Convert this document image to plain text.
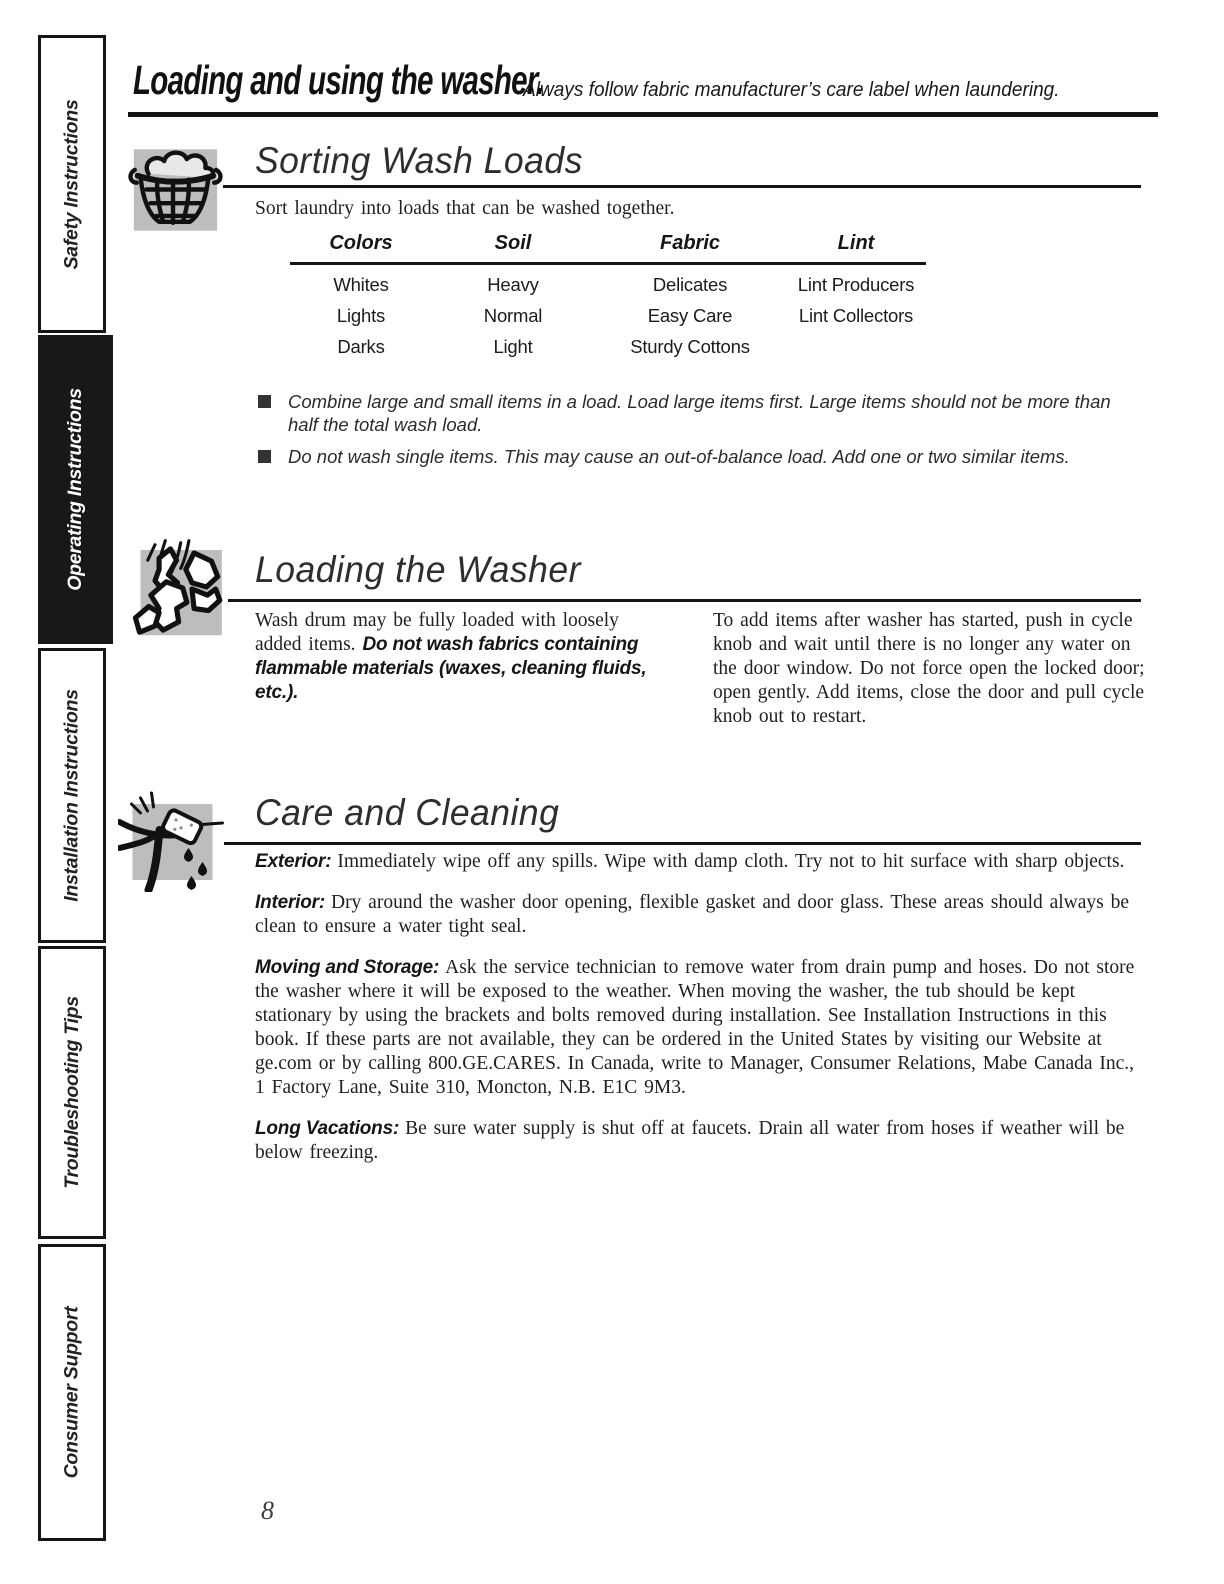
Safety Instructions
Operating Instructions
Installation Instructions
Troubleshooting Tips
Consumer Support
Loading and using the washer.
Always follow fabric manufacturer’s care label when laundering.
Sorting Wash Loads
Sort laundry into loads that can be washed together.
Colors	Soil	Fabric	Lint
Whites	Heavy	Delicates	Lint Producers
Lights	Normal	Easy Care	Lint Collectors
Darks	Light	Sturdy Cottons
Combine large and small items in a load. Load large items first. Large items should not be more than half the total wash load.
Do not wash single items. This may cause an out-of-balance load. Add one or two similar items.
Loading the Washer
Wash drum may be fully loaded with loosely added items. Do not wash fabrics containing flammable materials (waxes, cleaning fluids, etc.).
To add items after washer has started, push in cycle knob and wait until there is no longer any water on the door window. Do not force open the locked door; open gently. Add items, close the door and pull cycle knob out to restart.
Care and Cleaning

Exterior: Immediately wipe off any spills. Wipe with damp cloth. Try not to hit surface with sharp objects.

Interior: Dry around the washer door opening, flexible gasket and door glass. These areas should always be clean to ensure a water tight seal.

Moving and Storage: Ask the service technician to remove water from drain pump and hoses. Do not store the washer where it will be exposed to the weather. When moving the washer, the tub should be kept stationary by using the brackets and bolts removed during installation. See Installation Instructions in this book. If these parts are not available, they can be ordered in the United States by visiting our Website at ge.com or by calling 800.GE.CARES. In Canada, write to Manager, Consumer Relations, Mabe Canada Inc., 1 Factory Lane, Suite 310, Moncton, N.B. E1C 9M3.

Long Vacations: Be sure water supply is shut off at faucets. Drain all water from hoses if weather will be below freezing.

8
